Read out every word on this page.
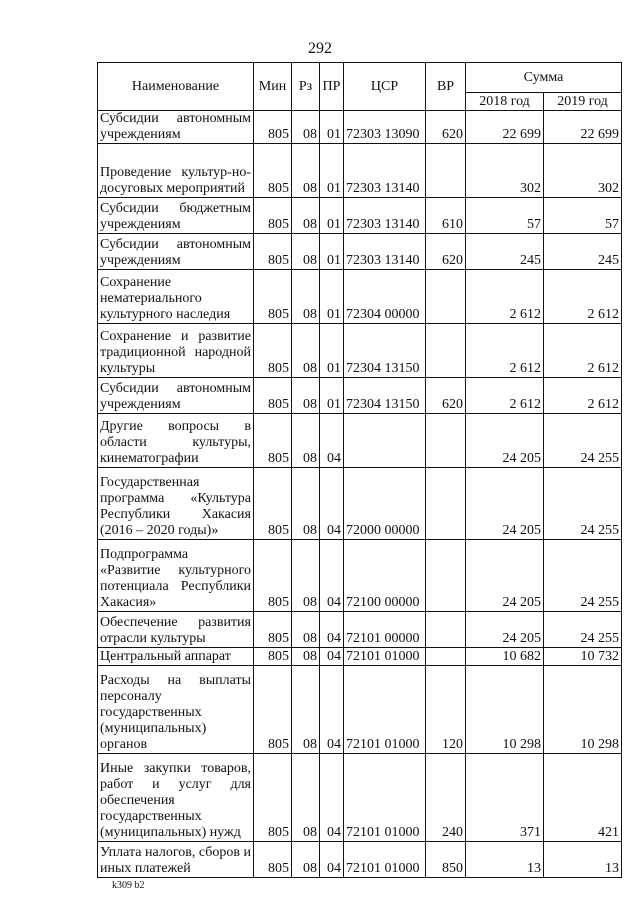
292
Наименование	Мин	Рз	ПР	ЦСР	ВР	Сумма	
						2018 год	2019 год
Субсидии автономным учреждениям	805	08	01	72303 13090	620	22 699	22 699
Проведение культур-но-досуговых мероприятий	805	08	01	72303 13140		302	302
Субсидии бюджетным учреждениям	805	08	01	72303 13140	610	57	57
Субсидии автономным учреждениям	805	08	01	72303 13140	620	245	245
Сохранение нематериального культурного наследия	805	08	01	72304 00000		2 612	2 612
Сохранение и развитие традиционной народной культуры	805	08	01	72304 13150		2 612	2 612
Субсидии автономным учреждениям	805	08	01	72304 13150	620	2 612	2 612
Другие вопросы в области культуры, кинематографии	805	08	04			24 205	24 255
Государственная программа «Культура Республики Хакасия (2016 – 2020 годы)»	805	08	04	72000 00000		24 205	24 255
Подпрограмма «Развитие культурного потенциала Республики Хакасия»	805	08	04	72100 00000		24 205	24 255
Обеспечение развития отрасли культуры	805	08	04	72101 00000		24 205	24 255
Центральный аппарат	805	08	04	72101 01000		10 682	10 732
Расходы на выплаты персоналу государственных (муниципальных) органов	805	08	04	72101 01000	120	10 298	10 298
Иные закупки товаров, работ и услуг для обеспечения государственных (муниципальных) нужд	805	08	04	72101 01000	240	371	421
Уплата налогов, сборов и иных платежей	805	08	04	72101 01000	850	13	13
k309 b2
